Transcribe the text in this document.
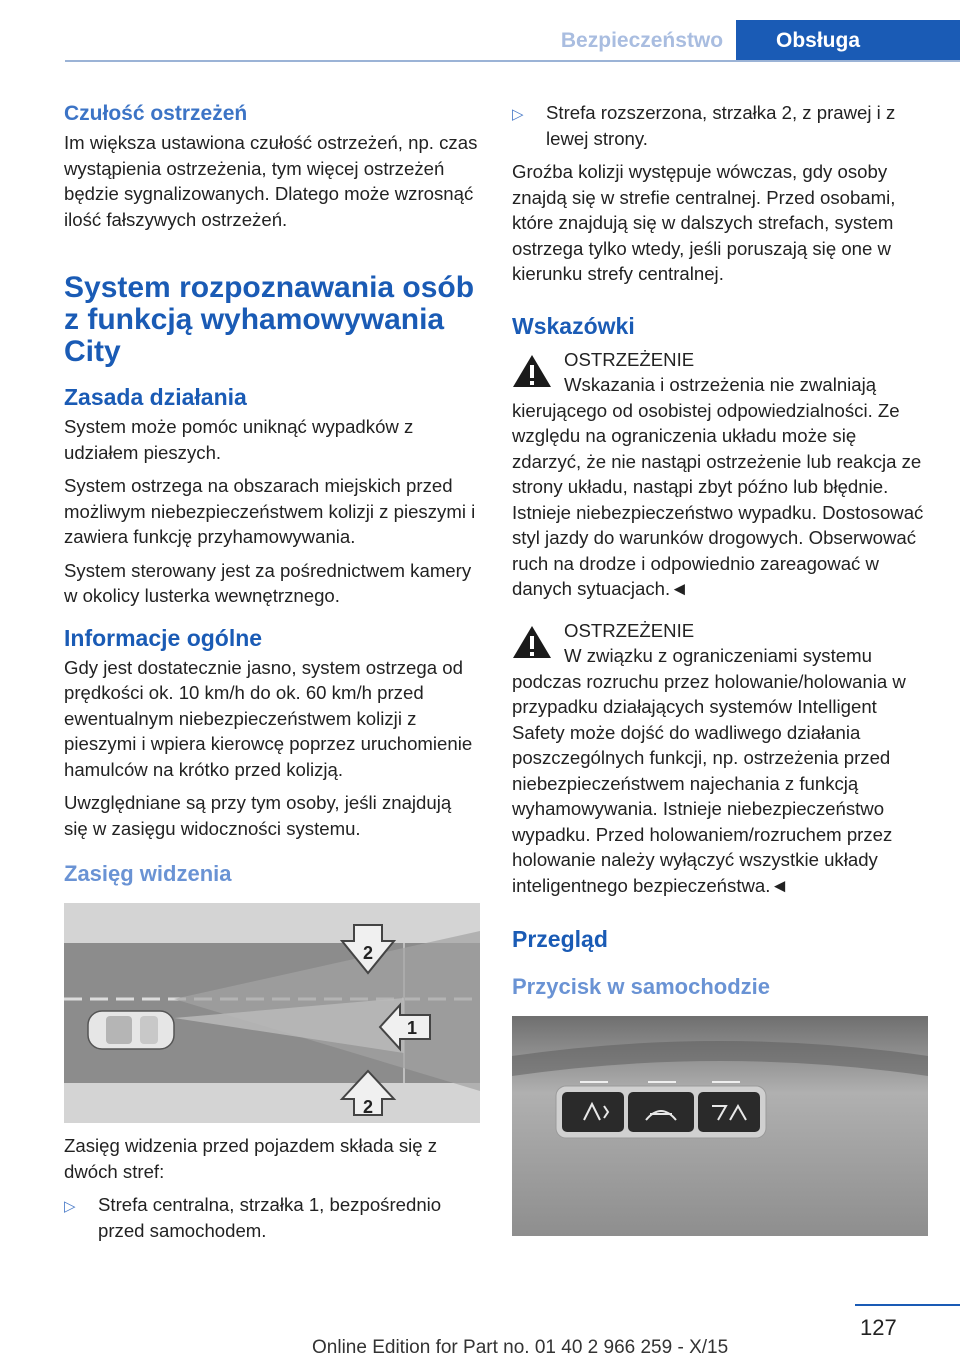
Bezpieczeństwo	Obsługa
Czułość ostrzeżeń

Im większa ustawiona czułość ostrzeżeń, np. czas wystąpienia ostrzeżenia, tym więcej ostrzeżeń będzie sygnalizowanych. Dlatego może wzrosnąć ilość fałszywych ostrzeżeń.

System rozpoznawania osób z funkcją wyhamowywania City
Zasada działania

System może pomóc uniknąć wypadków z udziałem pieszych.

System ostrzega na obszarach miejskich przed możliwym niebezpieczeństwem kolizji z pieszymi i zawiera funkcję przyhamowywania.

System sterowany jest za pośrednictwem kamery w okolicy lusterka wewnętrznego.

Informacje ogólne

Gdy jest dostatecznie jasno, system ostrzega od prędkości ok. 10 km/h do ok. 60 km/h przed ewentualnym niebezpieczeństwem kolizji z pieszymi i wpiera kierowcę poprzez uruchomienie hamulców na krótko przed kolizją.

Uwzględniane są przy tym osoby, jeśli znajdują się w zasięgu widoczności systemu.

Zasięg widzenia
2
1
2

Zasięg widzenia przed pojazdem składa się z dwóch stref:

▷ Strefa centralna, strzałka 1, bezpośrednio przed samochodem.
▷ Strefa rozszerzona, strzałka 2, z prawej i z lewej strony.

Groźba kolizji występuje wówczas, gdy osoby znajdą się w strefie centralnej. Przed osobami, które znajdują się w dalszych strefach, system ostrzega tylko wtedy, jeśli poruszają się one w kierunku strefy centralnej.

Wskazówki

OSTRZEŻENIE

Wskazania i ostrzeżenia nie zwalniają kierującego od osobistej odpowiedzialności. Ze względu na ograniczenia układu może się zdarzyć, że nie nastąpi ostrzeżenie lub reakcja ze strony układu, nastąpi zbyt późno lub błędnie. Istnieje niebezpieczeństwo wypadku. Dostosować styl jazdy do warunków drogowych. Obserwować ruch na drodze i odpowiednio zareagować w danych sytuacjach.◄

OSTRZEŻENIE

W związku z ograniczeniami systemu podczas rozruchu przez holowanie/holowania w przypadku działających systemów Intelligent Safety może dojść do wadliwego działania poszczególnych funkcji, np. ostrzeżenia przed niebezpieczeństwem najechania z funkcją wyhamowywania. Istnieje niebezpieczeństwo wypadku. Przed holowaniem/rozruchem przez holowanie należy wyłączyć wszystkie układy inteligentnego bezpieczeństwa.◄

Przegląd
Przycisk w samochodzie
127
Online Edition for Part no. 01 40 2 966 259 - X/15
